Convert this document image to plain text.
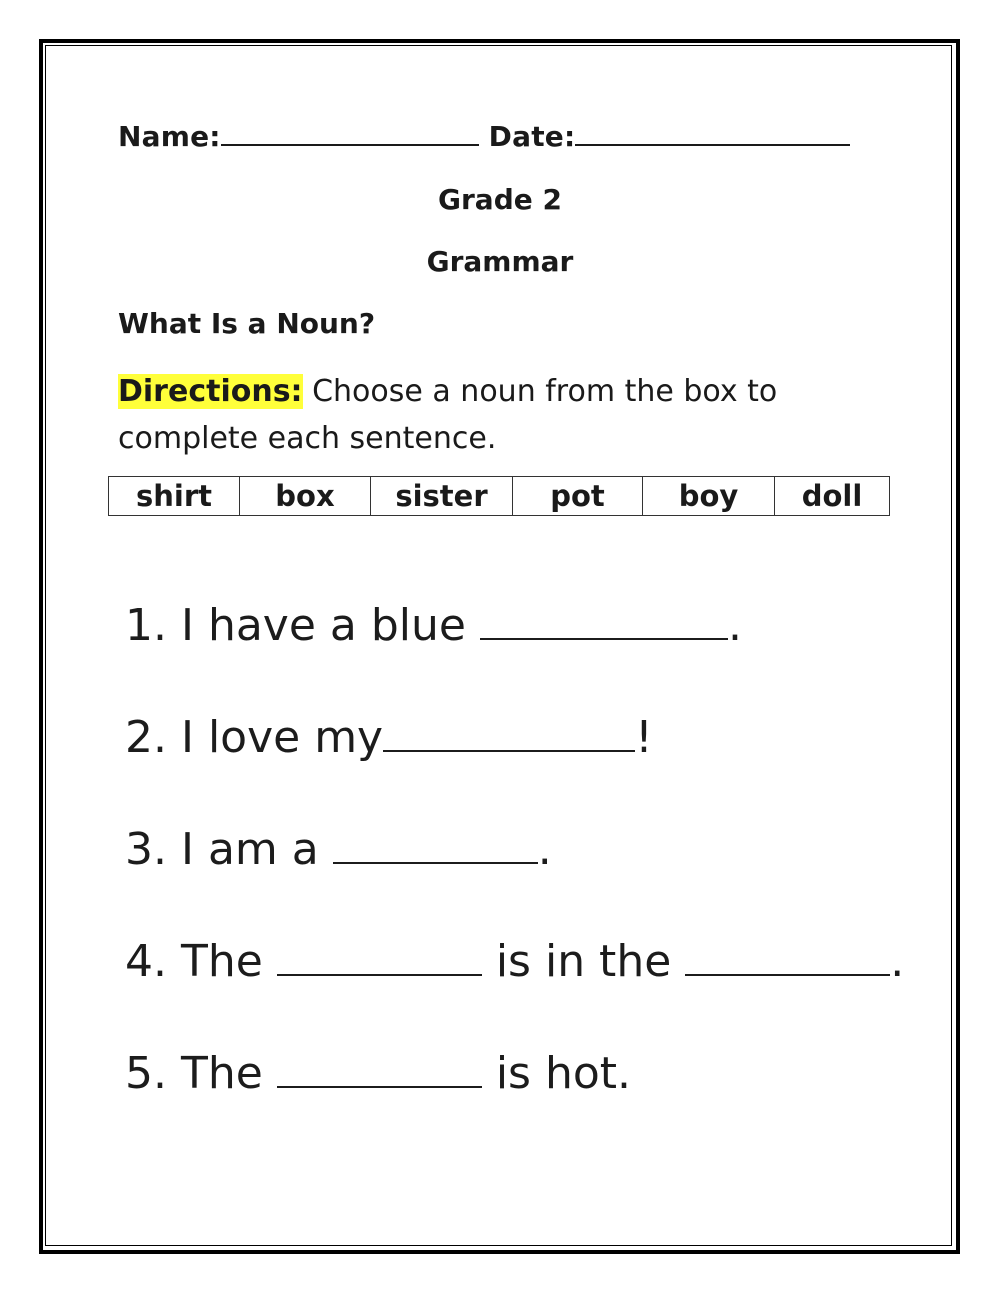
Name:	Date:
Grade 2
Grammar
What Is a Noun?
Directions: Choose a noun from the box to complete each sentence.
shirt	box	sister	pot	boy	doll
1. I have a blue	.
2. I love my	!
3. I am a	.
4. The	is in the	.
5. The	is hot.
